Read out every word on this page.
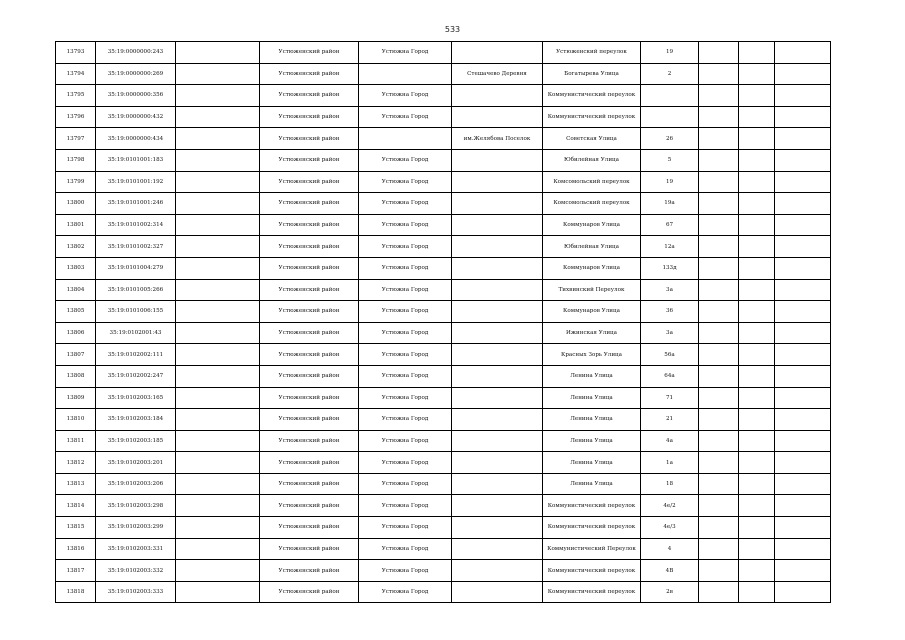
533
13793	35:19:0000000:243		Устюженский район	Устюжна Город		Устюженский переулок	19			
13794	35:19:0000000:269		Устюженский район		Стешачево Деревня	Богатырева Улица	2			
13795	35:19:0000000:356		Устюженский район	Устюжна Город		Коммунистический переулок				
13796	35:19:0000000:432		Устюженский район	Устюжна Город		Коммунистический переулок				
13797	35:19:0000000:434		Устюженский район		им.Желябова Поселок	Советская Улица	26			
13798	35:19:0101001:183		Устюженский район	Устюжна Город		Юбилейная Улица	5			
13799	35:19:0101001:192		Устюженский район	Устюжна Город		Комсомольский переулок	19			
13800	35:19:0101001:246		Устюженский район	Устюжна Город		Комсомольский переулок	19а			
13801	35:19:0101002:314		Устюженский район	Устюжна Город		Коммунаров Улица	67			
13802	35:19:0101002:327		Устюженский район	Устюжна Город		Юбилейная Улица	12а			
13803	35:19:0101004:279		Устюженский район	Устюжна Город		Коммунаров Улица	133д			
13804	35:19:0101005:266		Устюженский район	Устюжна Город		Тихвинский Переулок	3а			
13805	35:19:0101006:155		Устюженский район	Устюжна Город		Коммунаров Улица	36			
13806	35:19:0102001:43		Устюженский район	Устюжна Город		Ижинская Улица	3а			
13807	35:19:0102002:111		Устюженский район	Устюжна Город		Красных Зорь Улица	56а			
13808	35:19:0102002:247		Устюженский район	Устюжна Город		Ленина Улица	64а			
13809	35:19:0102003:165		Устюженский район	Устюжна Город		Ленина Улица	71			
13810	35:19:0102003:184		Устюженский район	Устюжна Город		Ленина Улица	21			
13811	35:19:0102003:185		Устюженский район	Устюжна Город		Ленина Улица	4а			
13812	35:19:0102003:201		Устюженский район	Устюжна Город		Ленина Улица	1а			
13813	35:19:0102003:206		Устюженский район	Устюжна Город		Ленина Улица	18			
13814	35:19:0102003:298		Устюженский район	Устюжна Город		Коммунистический переулок	4е/2			
13815	35:19:0102003:299		Устюженский район	Устюжна Город		Коммунистический переулок	4е/3			
13816	35:19:0102003:331		Устюженский район	Устюжна Город		Коммунистический Переулок	4			
13817	35:19:0102003:332		Устюженский район	Устюжна Город		Коммунистический переулок	4В			
13818	35:19:0102003:333		Устюженский район	Устюжна Город		Коммунистический переулок	2в			
